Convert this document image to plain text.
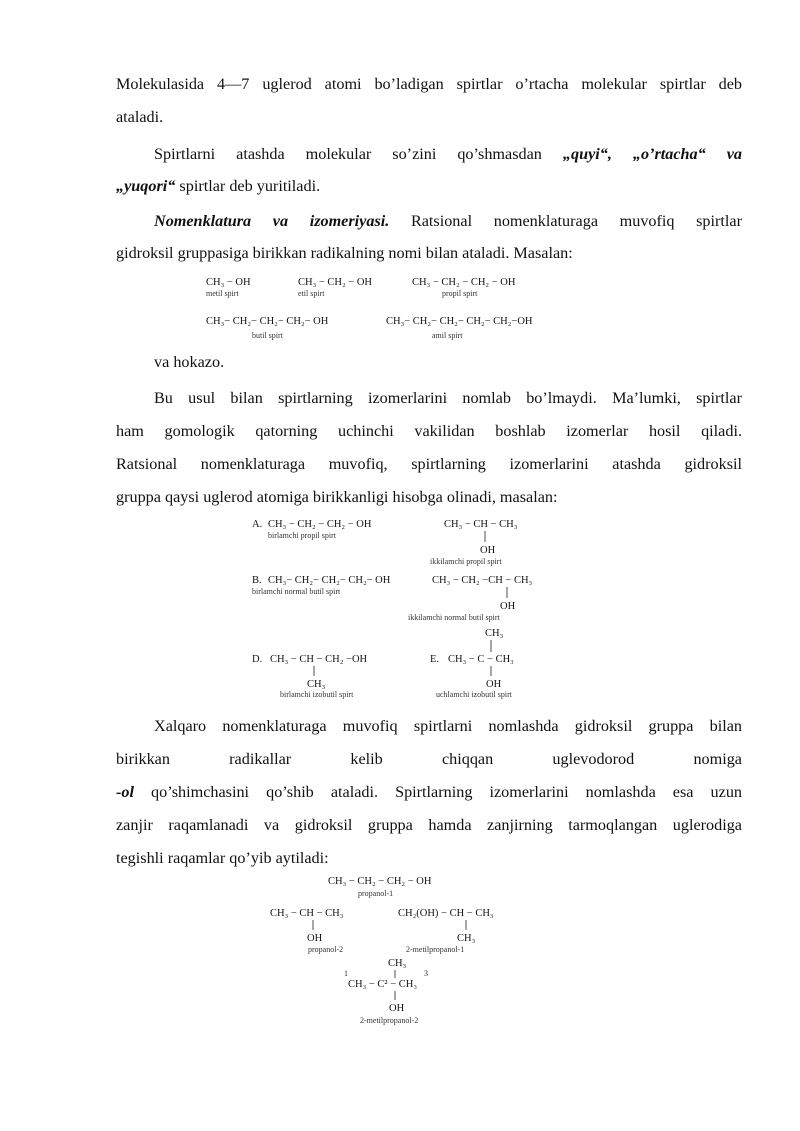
Molekulasida 4—7 uglerod atomi bo’ladigan spirtlar o’rtacha molekular spirtlar deb

ataladi.

Spirtlarni atashda molekular so’zini qo’shmasdan „quyi“, „o’rtacha“ va

„yuqori“ spirtlar deb yuritiladi.

Nomenklatura va izomeriyasi. Ratsional nomenklaturaga muvofiq spirtlar

gidroksil gruppasiga birikkan radikalning nomi bilan ataladi. Masalan:

CH₃ − OH
metil spirt
CH₃ − CH₂ − OH
etil spirt
CH₃ − CH₂ − CH₂ − OH
propil spirt
CH₃− CH₂− CH₂− CH₂− OH
butil spirt
CH₃− CH₂− CH₂− CH₂− CH₂−OH
amil spirt

va hokazo.

Bu usul bilan spirtlarning izomerlarini nomlab bo’lmaydi. Ma’lumki, spirtlar

ham gomologik qatorning uchinchi vakilidan boshlab izomerlar hosil qiladi.

Ratsional nomenklaturaga muvofiq, spirtlarning izomerlarini atashda gidroksil

gruppa qaysi uglerod atomiga birikkanligi hisobga olinadi, masalan:

A. CH₃ − CH₂ − CH₂ − OH
birlamchi propil spirt
CH₃ − CH − CH₃
OH
ikkilamchi propil spirt
B. CH₃− CH₂− CH₂− CH₂− OH
birlamchi normal butil spirt
CH₃ − CH₂ −CH − CH₃
OH
ikkilamchi normal butil spirt
D. CH₃ − CH − CH₂ −OH
CH₃
birlamchi izobutil spirt
CH₃
E. CH₃ − C − CH₃
OH
uchlamchi izobutil spirt

Xalqaro nomenklaturaga muvofiq spirtlarni nomlashda gidroksil gruppa bilan

birikkan radikallar kelib chiqqan uglevodorod nomiga

-ol qo’shimchasini qo’shib ataladi. Spirtlarning izomerlarini nomlashda esa uzun

zanjir raqamlanadi va gidroksil gruppa hamda zanjirning tarmoqlangan uglerodiga

tegishli raqamlar qo’yib aytiladi:

CH₃ − CH₂ − CH₂ − OH
propanol-1
CH₃ − CH − CH₃
OH
propanol-2
CH₂(OH) − CH − CH₃
CH₃
2-metilpropanol-1
CH₃
1	3
CH₃ − C² − CH₃
OH
2-metilpropanol-2
